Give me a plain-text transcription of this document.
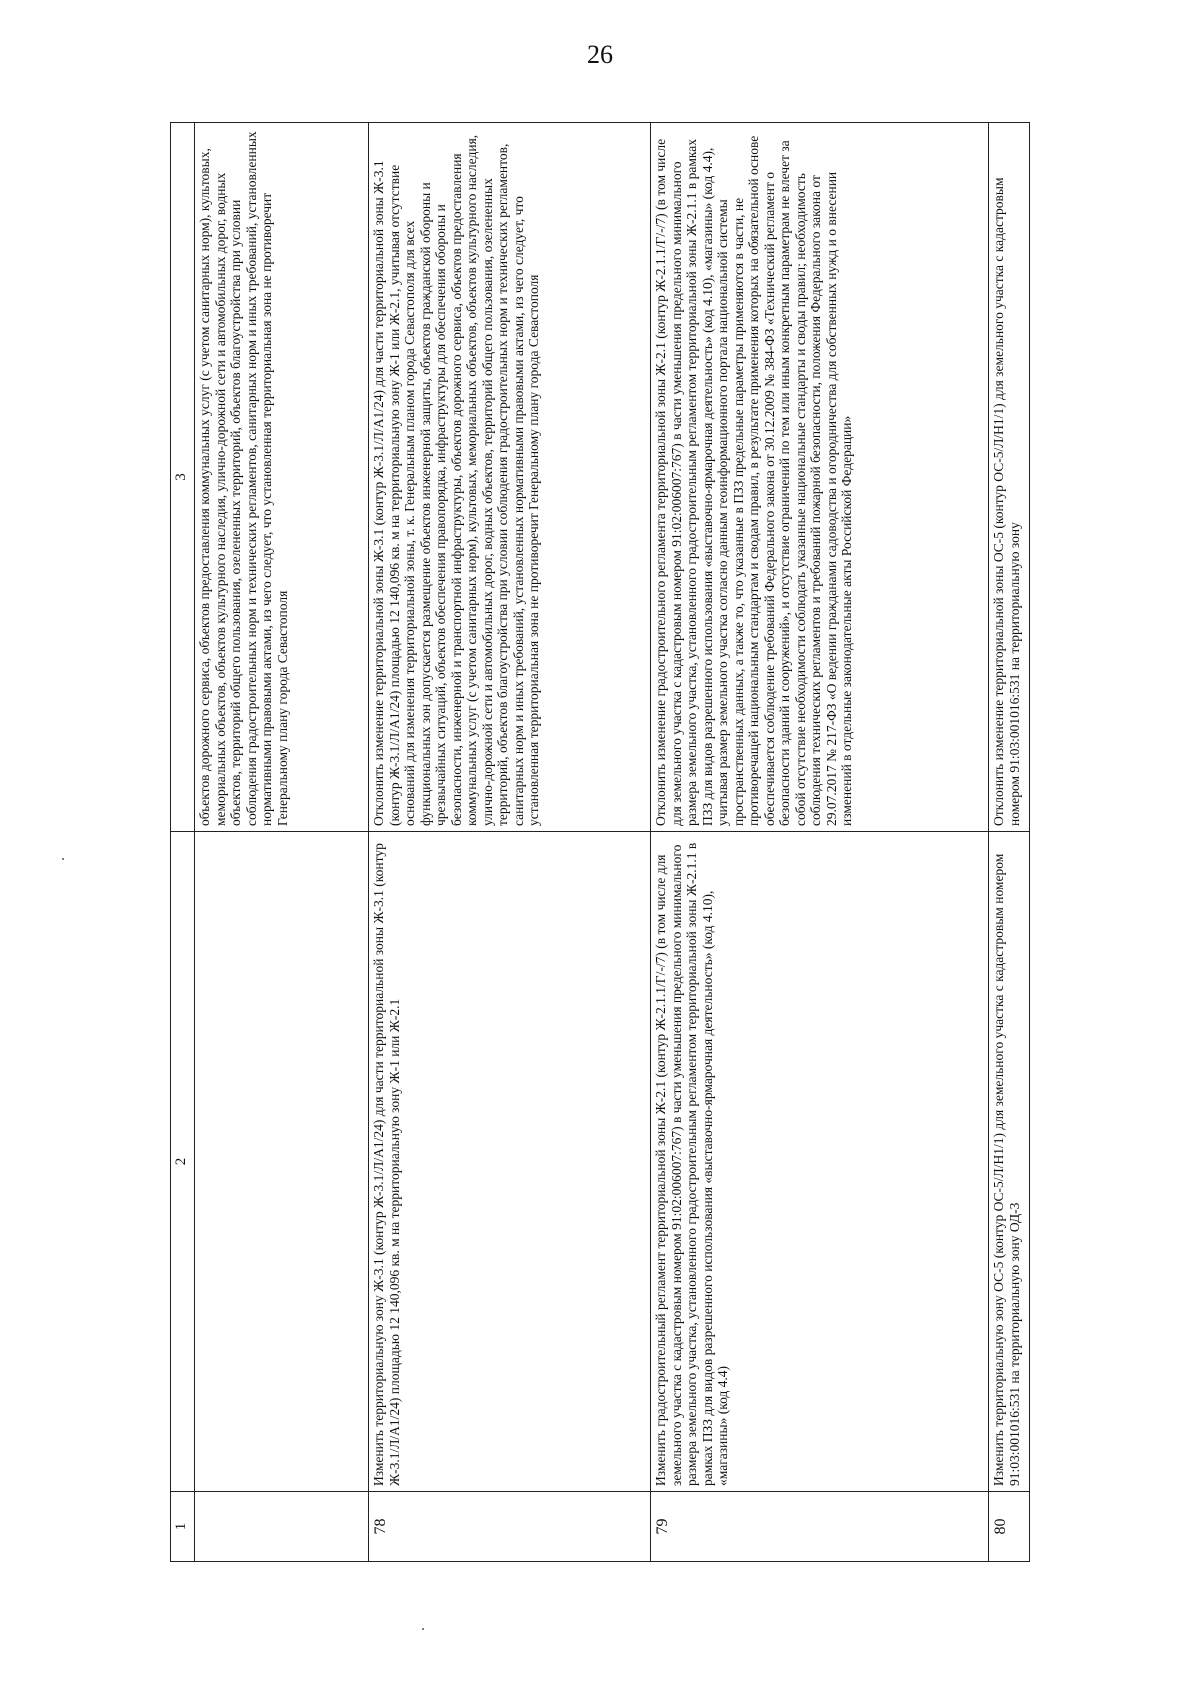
26
1
2
3 объектов дорожного сервиса, объектов предоставления коммунальных услуг (с учетом санитарных норм), культовых, мемориальных объектов, объектов культурного наследия, улично-дорожной сети и автомобильных дорог, водных объектов, территорий общего пользования, озелененных территорий, объектов благоустройства при условии соблюдения градостроительных норм и технических регламентов, санитарных норм и иных требований, установленных нормативными правовыми актами, из чего следует, что установленная территориальная зона не противоречит Генеральному плану города Севастополя
78
Изменить территориальную зону Ж-3.1 (контур Ж-3.1/Л/А1/24) для части территориальной зоны Ж-3.1 (контур Ж-3.1/Л/А1/24) площадью 12 140,096 кв. м на территориальную зону Ж-1 или Ж-2.1
Отклонить изменение территориальной зоны Ж-3.1 (контур Ж-3.1/Л/А1/24) для части территориальной зоны Ж-3.1 (контур Ж-3.1/Л/А1/24) площадью 12 140,096 кв. м на территориальную зону Ж-1 или Ж-2.1, учитывая отсутствие оснований для изменения территориальной зоны, т. к. Генеральным планом города Севастополя для всех функциональных зон допускается размещение объектов инженерной защиты, объектов гражданской обороны и чрезвычайных ситуаций, объектов обеспечения правопорядка, инфраструктуры для обеспечения обороны и безопасности, инженерной и транспортной инфраструктуры, объектов дорожного сервиса, объектов предоставления коммунальных услуг (с учетом санитарных норм), культовых, мемориальных объектов, объектов культурного наследия, улично-дорожной сети и автомобильных дорог, водных объектов, территорий общего пользования, озелененных территорий, объектов благоустройства при условии соблюдения градостроительных норм и технических регламентов, санитарных норм и иных требований, установленных нормативными правовыми актами, из чего следует, что установленная территориальная зона не противоречит Генеральному плану города Севастополя
79
Изменить градостроительный регламент территориальной зоны Ж-2.1 (контур Ж-2.1.1/Г/-/7) (в том числе для земельного участка с кадастровым номером 91:02:006007:767) в части уменьшения предельного минимального размера земельного участка, установленного градостроительным регламентом территориальной зоны Ж-2.1.1 в рамках ПЗЗ для видов разрешенного использования «выставочно-ярмарочная деятельность» (код 4.10), «магазины» (код 4.4)
Отклонить изменение градостроительного регламента территориальной зоны Ж-2.1 (контур Ж-2.1.1/Г/-/7) (в том числе для земельного участка с кадастровым номером 91:02:006007:767) в части уменьшения предельного минимального размера земельного участка, установленного градостроительным регламентом территориальной зоны Ж-2.1.1 в рамках ПЗЗ для видов разрешенного использования «выставочно-ярмарочная деятельность» (код 4.10), «магазины» (код 4.4), учитывая размер земельного участка согласно данным геоинформационного портала национальной системы пространственных данных, а также то, что указанные в ПЗЗ предельные параметры применяются в части, не противоречащей национальным стандартам и сводам правил, в результате применения которых на обязательной основе обеспечивается соблюдение требований Федерального закона от 30.12.2009 № 384-ФЗ «Технический регламент о безопасности зданий и сооружений», и отсутствие ограничений по тем или иным конкретным параметрам не влечет за собой отсутствие необходимости соблюдать указанные национальные стандарты и своды правил; необходимость соблюдения технических регламентов и требований пожарной безопасности, положения Федерального закона от 29.07.2017 № 217-ФЗ «О ведении гражданами садоводства и огородничества для собственных нужд и о внесении изменений в отдельные законодательные акты Российской Федерации»
80
Изменить территориальную зону ОС-5 (контур ОС-5/Л/Н1/1) для земельного участка с кадастровым номером 91:03:001016:531 на территориальную зону ОД-3
Отклонить изменение территориальной зоны ОС-5 (контур ОС-5/Л/Н1/1) для земельного участка с кадастровым номером 91:03:001016:531 на территориальную зону
